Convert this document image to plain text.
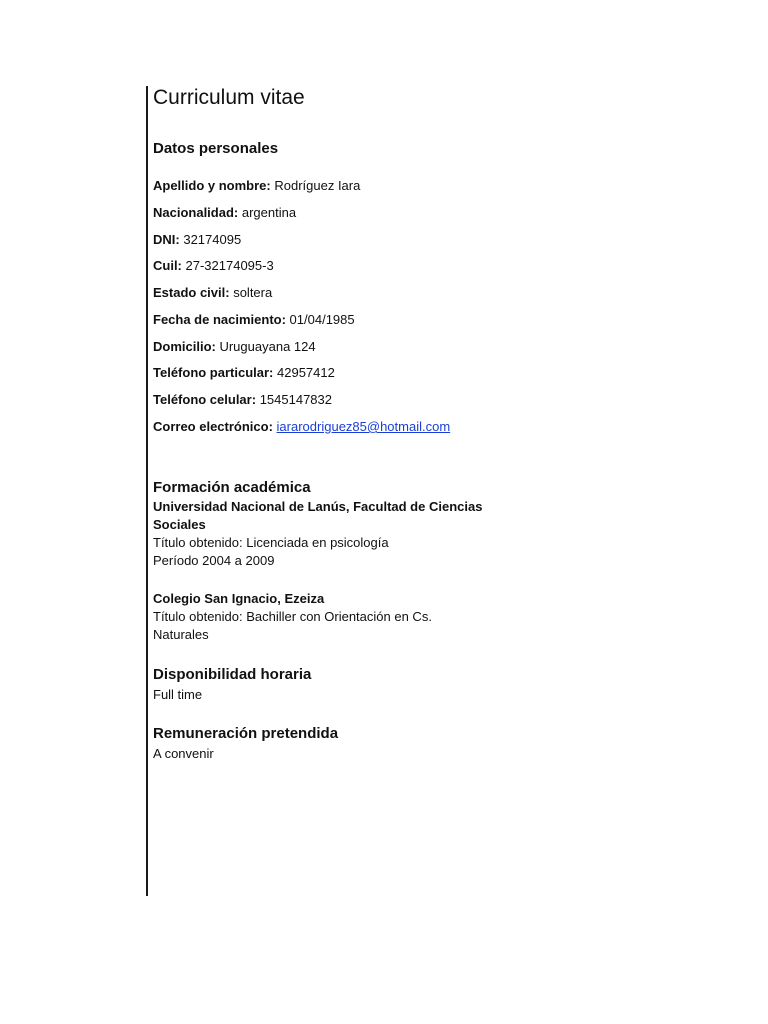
Curriculum vitae
Datos personales
Apellido y nombre: Rodríguez Iara
Nacionalidad: argentina
DNI: 32174095
Cuil: 27-32174095-3
Estado civil: soltera
Fecha de nacimiento: 01/04/1985
Domicilio: Uruguayana 124
Teléfono particular: 42957412
Teléfono celular: 1545147832
Correo electrónico: iararodriguez85@hotmail.com
Formación académica
Universidad Nacional de Lanús, Facultad de Ciencias Sociales
Título obtenido: Licenciada en psicología
Período 2004 a 2009
Colegio San Ignacio, Ezeiza
Título obtenido: Bachiller con Orientación en Cs. Naturales
Disponibilidad horaria
Full time
Remuneración pretendida
A convenir
